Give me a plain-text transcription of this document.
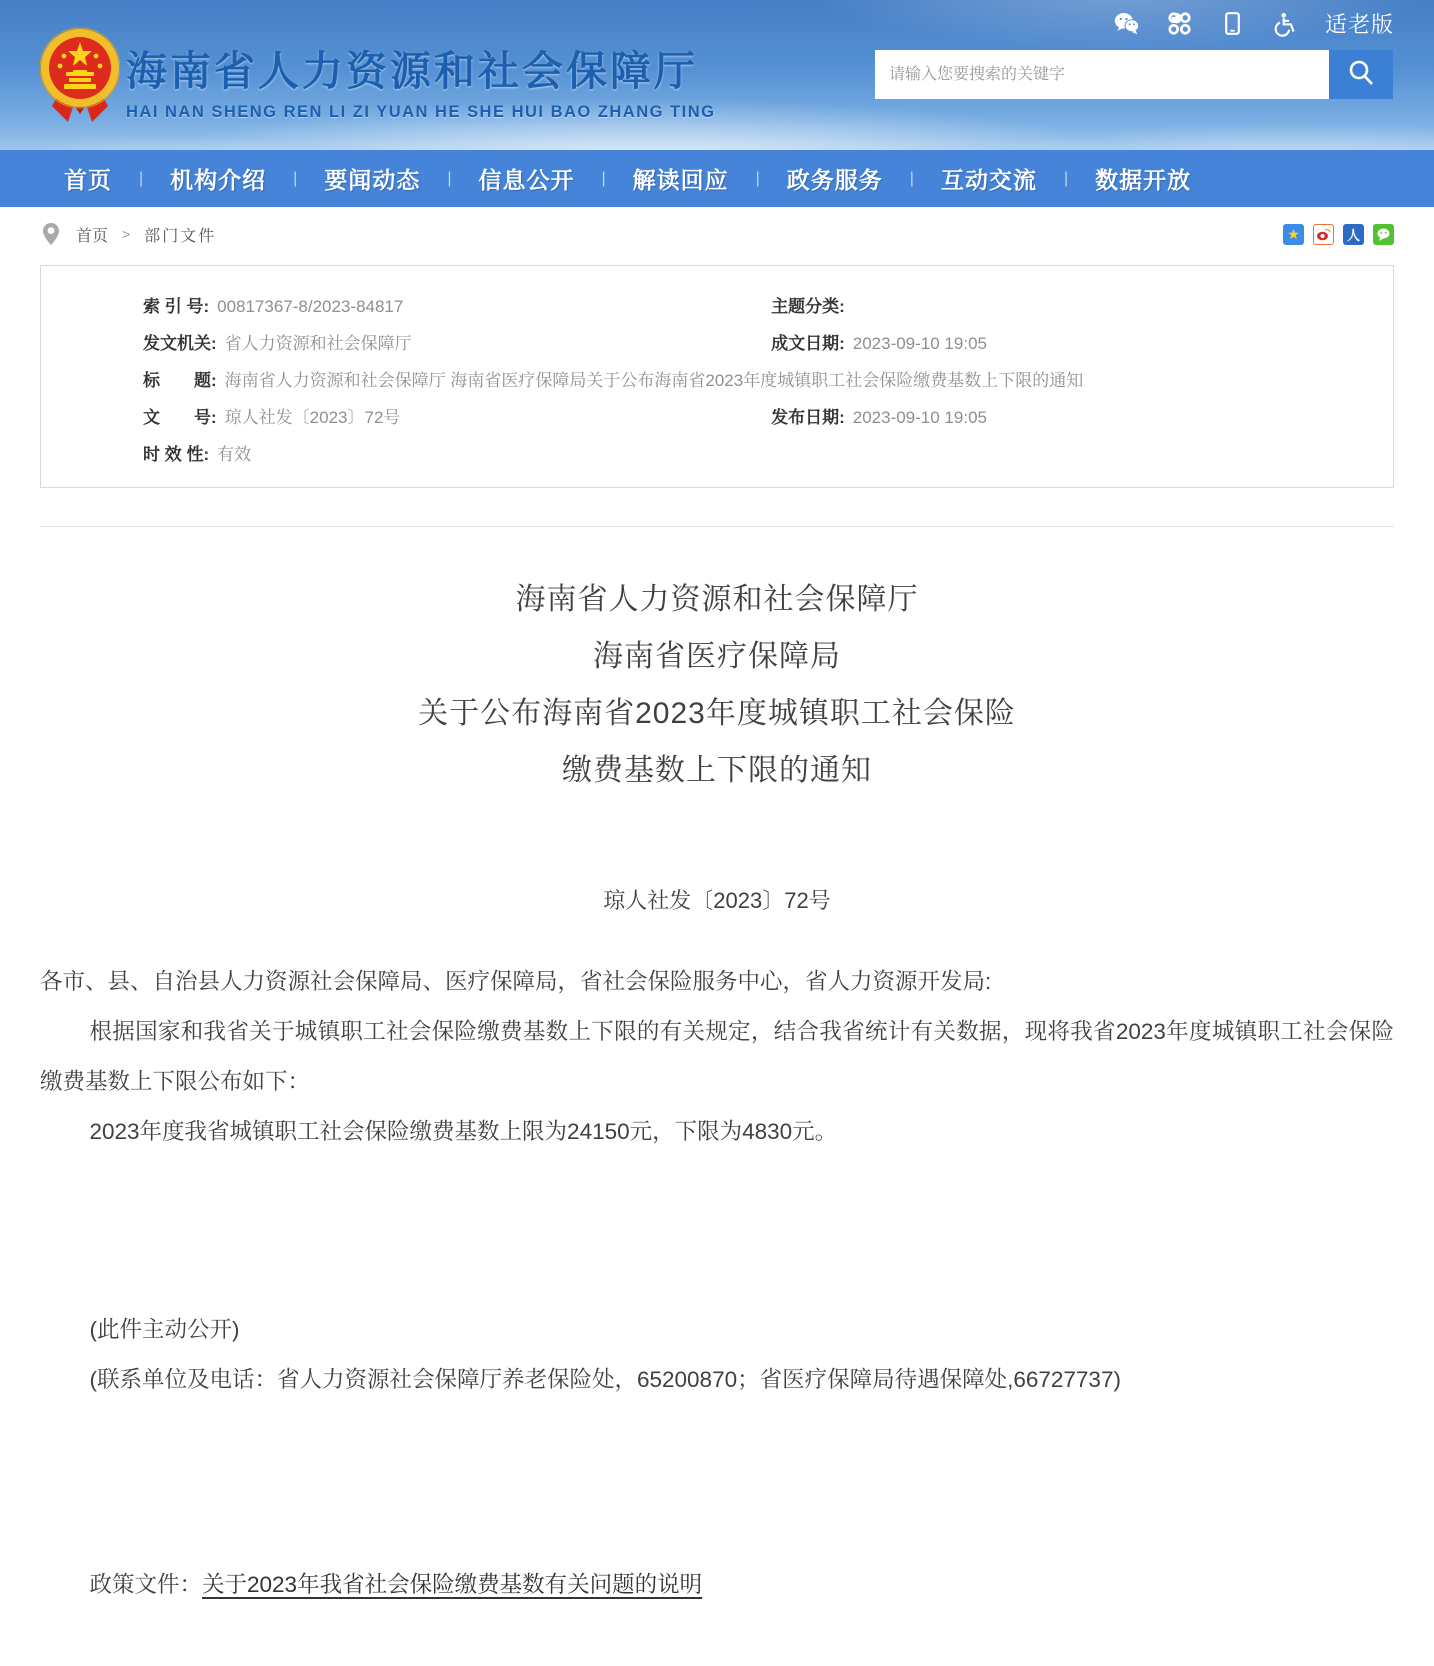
海南省人力资源和社会保障厅
HAI NAN SHENG REN LI ZI YUAN HE SHE HUI BAO ZHANG TING
适老版
请输入您要搜索的关键字
首页 | 机构介绍 | 要闻动态 | 信息公开 | 解读回应 | 政务服务 | 互动交流 | 数据开放
首页 > 部门文件	★	人
索 引 号: 00817367-8/2023-84817	主题分类:
发文机关: 省人力资源和社会保障厅	成文日期: 2023-09-10 19:05
标　　题: 海南省人力资源和社会保障厅 海南省医疗保障局关于公布海南省2023年度城镇职工社会保险缴费基数上下限的通知
文　　号: 琼人社发〔2023〕72号	发布日期: 2023-09-10 19:05
时 效 性: 有效
海南省人力资源和社会保障厅
海南省医疗保障局
关于公布海南省2023年度城镇职工社会保险
缴费基数上下限的通知
琼人社发〔2023〕72号

各市、县、自治县人力资源社会保障局、医疗保障局，省社会保险服务中心，省人力资源开发局:

根据国家和我省关于城镇职工社会保险缴费基数上下限的有关规定，结合我省统计有关数据，现将我省2023年度城镇职工社会保险缴费基数上下限公布如下：

2023年度我省城镇职工社会保险缴费基数上限为24150元，下限为4830元。

(此件主动公开)

(联系单位及电话：省人力资源社会保障厅养老保险处，65200870；省医疗保障局待遇保障处,66727737)

政策文件：关于2023年我省社会保险缴费基数有关问题的说明
